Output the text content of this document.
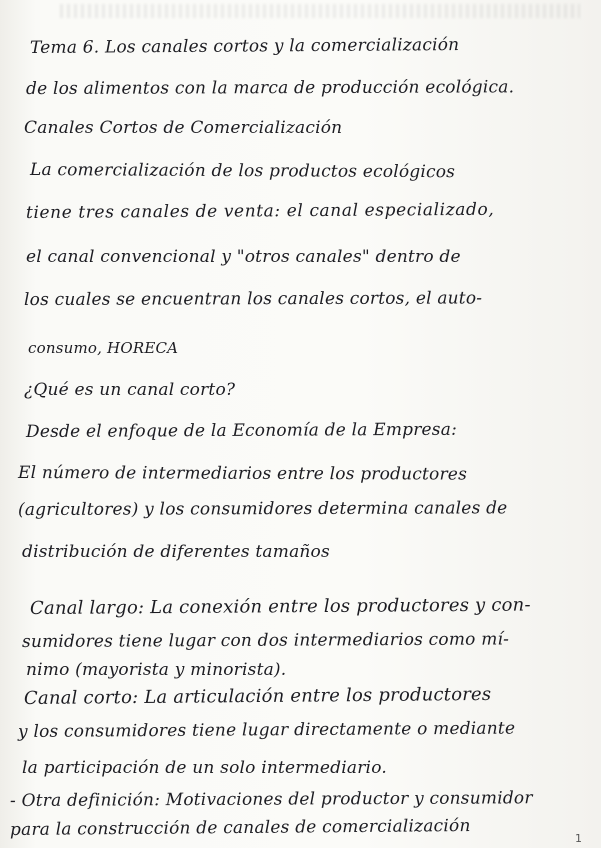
Tema 6. Los canales cortos y la comercialización
de los alimentos con la marca de producción ecológica.
Canales Cortos de Comercialización
La comercialización de los productos ecológicos
tiene tres canales de venta: el canal especializado,
el canal convencional y "otros canales" dentro de
los cuales se encuentran los canales cortos, el auto-
consumo, HORECA
¿Qué es un canal corto?
Desde el enfoque de la Economía de la Empresa:
El número de intermediarios entre los productores
(agricultores) y los consumidores determina canales de
distribución de diferentes tamaños
Canal largo: La conexión entre los productores y con-
sumidores tiene lugar con dos intermediarios como mí-
nimo (mayorista y minorista).
Canal corto: La articulación entre los productores
y los consumidores tiene lugar directamente o mediante
la participación de un solo intermediario.
- Otra definición: Motivaciones del productor y consumidor
para la construcción de canales de comercialización	1
